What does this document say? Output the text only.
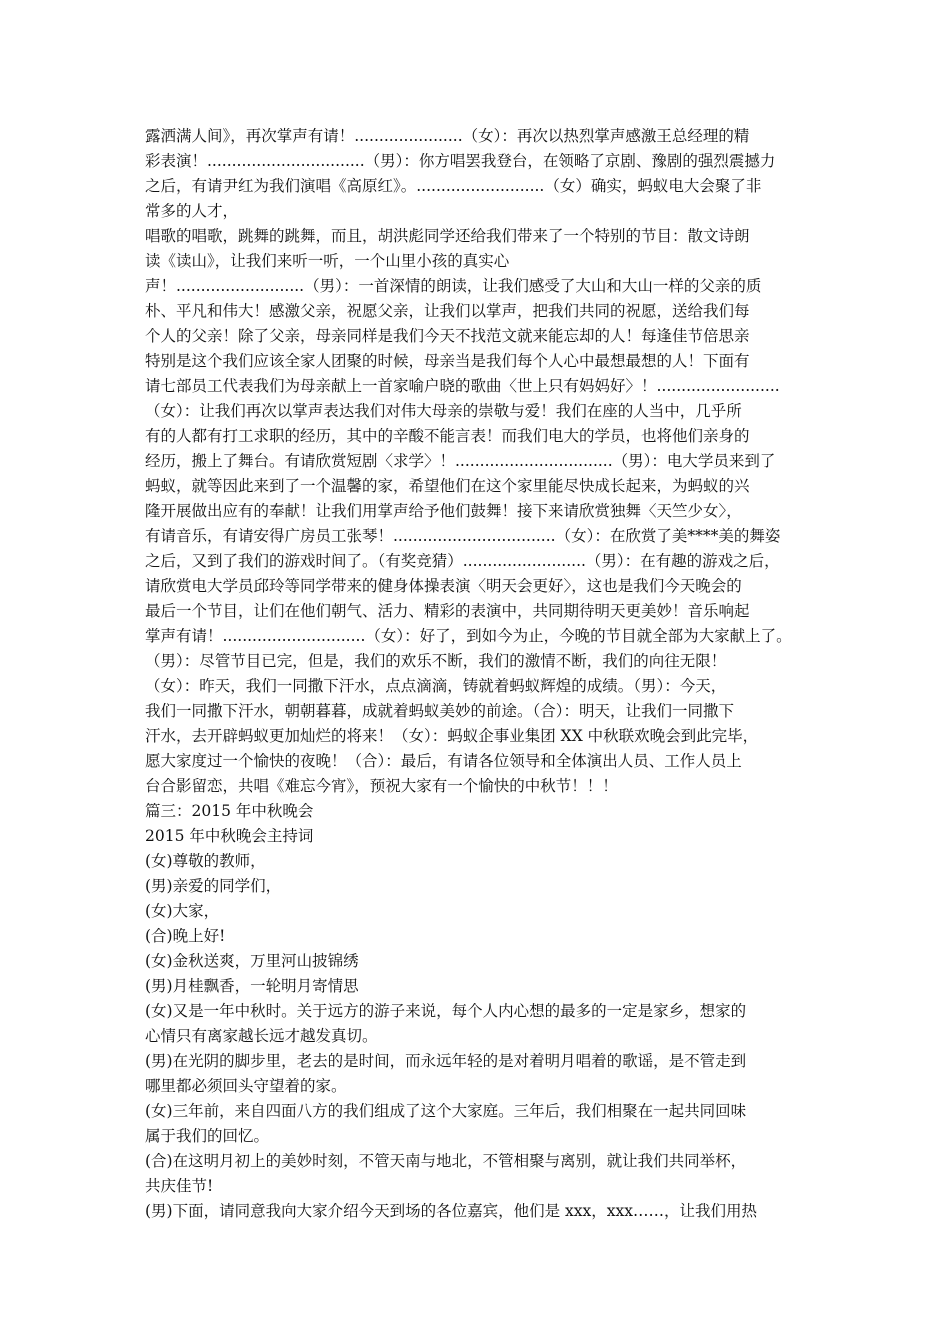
露洒满人间》，再次掌声有请！......................（女）：再次以热烈掌声感激王总经理的精
彩表演！................................（男）：你方唱罢我登台，在领略了京剧、豫剧的强烈震撼力
之后，有请尹红为我们演唱《高原红》。..........................（女）确实，蚂蚁电大会聚了非
常多的人才，
唱歌的唱歌，跳舞的跳舞，而且，胡洪彪同学还给我们带来了一个特别的节目：散文诗朗
读《读山》，让我们来听一听，一个山里小孩的真实心
声！..........................（男）：一首深情的朗读，让我们感受了大山和大山一样的父亲的质
朴、平凡和伟大！感激父亲，祝愿父亲，让我们以掌声，把我们共同的祝愿，送给我们每
个人的父亲！除了父亲，母亲同样是我们今天不找范文就来能忘却的人！每逢佳节倍思亲
特别是这个我们应该全家人团聚的时候，母亲当是我们每个人心中最想最想的人！下面有
请七部员工代表我们为母亲献上一首家喻户晓的歌曲〈世上只有妈妈好〉！.........................
（女）：让我们再次以掌声表达我们对伟大母亲的崇敬与爱！我们在座的人当中，几乎所
有的人都有打工求职的经历，其中的辛酸不能言表！而我们电大的学员，也将他们亲身的
经历，搬上了舞台。有请欣赏短剧〈求学〉！................................（男）：电大学员来到了
蚂蚁，就等因此来到了一个温馨的家，希望他们在这个家里能尽快成长起来，为蚂蚁的兴
隆开展做出应有的奉献！让我们用掌声给予他们鼓舞！接下来请欣赏独舞〈天竺少女〉，
有请音乐，有请安得广房员工张琴！.................................（女）：在欣赏了美****美的舞姿
之后，又到了我们的游戏时间了。（有奖竞猜）.........................（男）：在有趣的游戏之后，
请欣赏电大学员邱玲等同学带来的健身体操表演〈明天会更好〉，这也是我们今天晚会的
最后一个节目，让们在他们朝气、活力、精彩的表演中，共同期待明天更美妙！音乐响起
掌声有请！.............................（女）：好了，到如今为止，今晚的节目就全部为大家献上了。
（男）：尽管节目已完，但是，我们的欢乐不断，我们的激情不断，我们的向往无限！
（女）：昨天，我们一同撒下汗水，点点滴滴，铸就着蚂蚁辉煌的成绩。（男）：今天，
我们一同撒下汗水，朝朝暮暮，成就着蚂蚁美妙的前途。（合）：明天，让我们一同撒下
汗水，去开辟蚂蚁更加灿烂的将来！（女）：蚂蚁企事业集团 XX 中秋联欢晚会到此完毕，
愿大家度过一个愉快的夜晚！（合）：最后，有请各位领导和全体演出人员、工作人员上
台合影留恋，共唱《难忘今宵》，预祝大家有一个愉快的中秋节！！！
篇三：2015 年中秋晚会
2015 年中秋晚会主持词
(女)尊敬的教师，
(男)亲爱的同学们，
(女)大家，
(合)晚上好!
(女)金秋送爽，万里河山披锦绣
(男)月桂飘香，一轮明月寄情思
(女)又是一年中秋时。关于远方的游子来说，每个人内心想的最多的一定是家乡，想家的
心情只有离家越长远才越发真切。
(男)在光阴的脚步里，老去的是时间，而永远年轻的是对着明月唱着的歌谣，是不管走到
哪里都必须回头守望着的家。
(女)三年前，来自四面八方的我们组成了这个大家庭。三年后，我们相聚在一起共同回味
属于我们的回忆。
(合)在这明月初上的美妙时刻，不管天南与地北，不管相聚与离别，就让我们共同举杯，
共庆佳节!
(男)下面，请同意我向大家介绍今天到场的各位嘉宾，他们是 xxx，xxx……，让我们用热
